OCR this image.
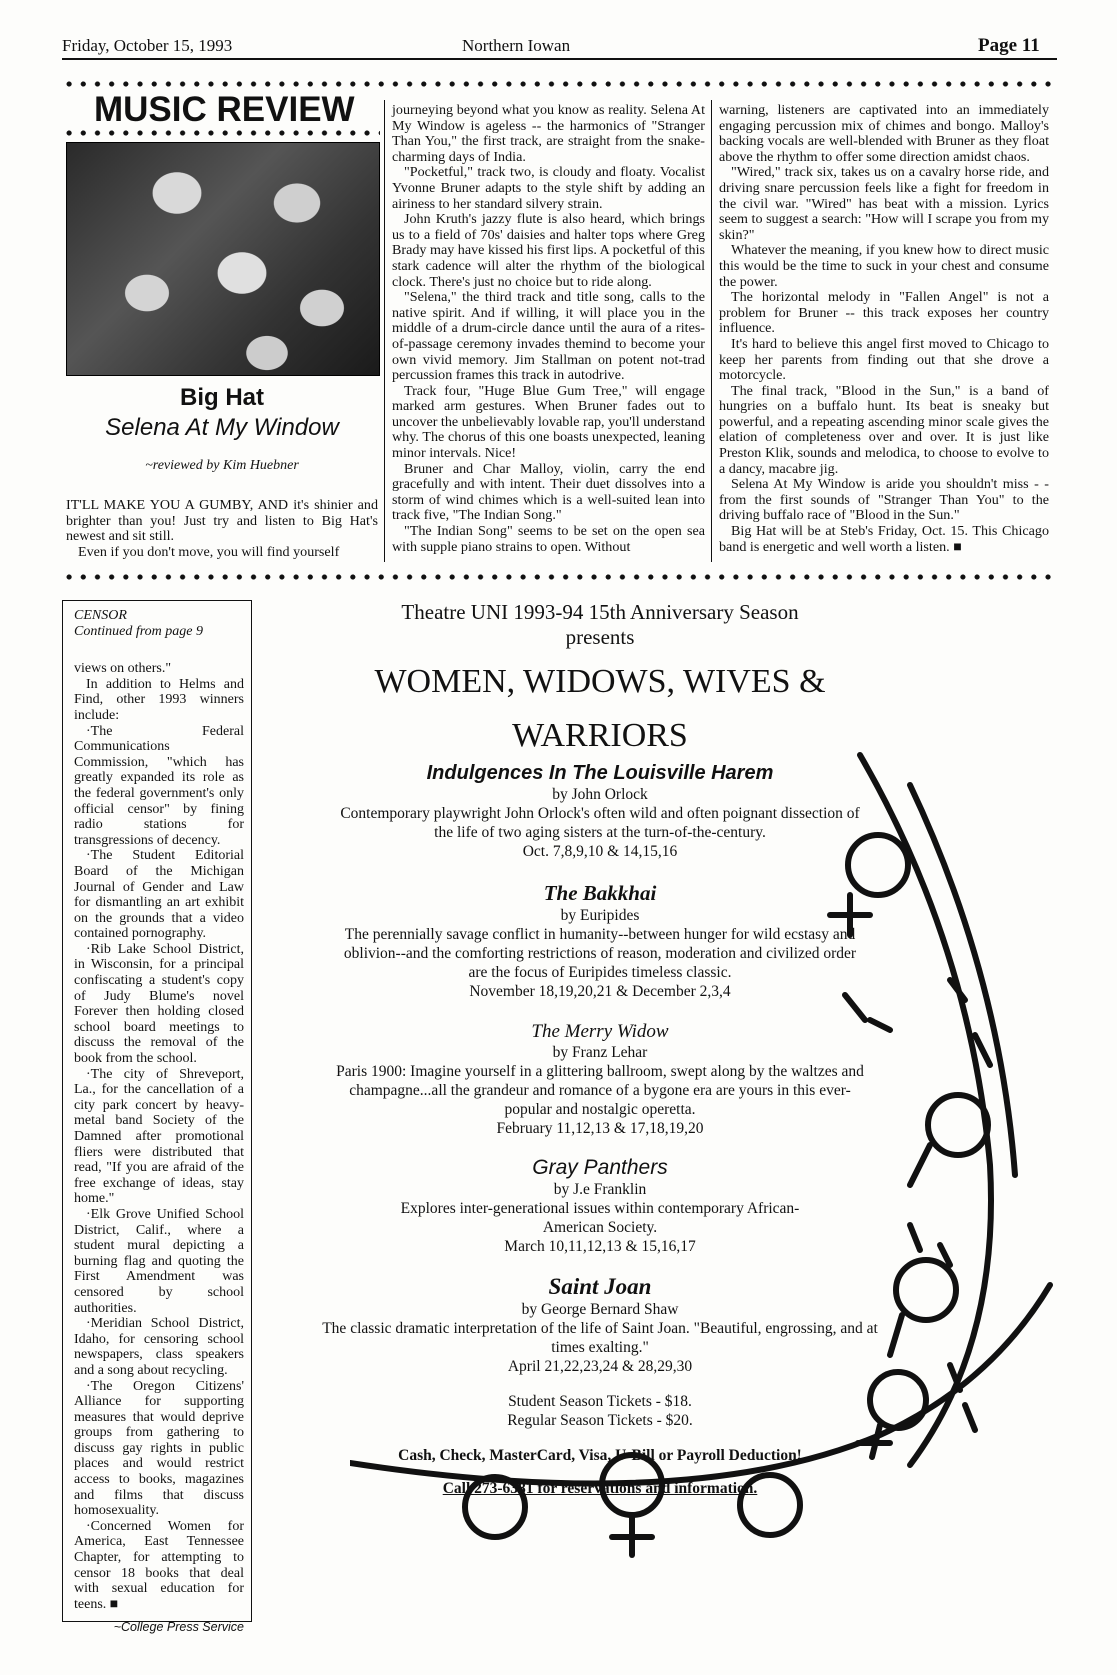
Friday, October 15, 1993	Northern Iowan	Page 11
MUSIC REVIEW
Big Hat
Selena At My Window
~reviewed by Kim Huebner

IT'LL MAKE YOU A GUMBY, AND it's shinier and brighter than you! Just try and listen to Big Hat's newest and sit still.

Even if you don't move, you will find yourself

journeying beyond what you know as reality. Selena At My Window is ageless -- the harmonics of "Stranger Than You," the first track, are straight from the snake- charming days of India.

"Pocketful," track two, is cloudy and floaty. Vocalist Yvonne Bruner adapts to the style shift by adding an airiness to her standard silvery strain.

John Kruth's jazzy flute is also heard, which brings us to a field of 70s' daisies and halter tops where Greg Brady may have kissed his first lips. A pocketful of this stark cadence will alter the rhythm of the biological clock. There's just no choice but to ride along.

"Selena," the third track and title song, calls to the native spirit. And if willing, it will place you in the middle of a drum-circle dance until the aura of a rites-of-passage ceremony invades themind to become your own vivid memory. Jim Stallman on potent not-trad percussion frames this track in autodrive.

Track four, "Huge Blue Gum Tree," will engage marked arm gestures. When Bruner fades out to uncover the unbelievably lovable rap, you'll understand why. The chorus of this one boasts unexpected, leaning minor intervals. Nice!

Bruner and Char Malloy, violin, carry the end gracefully and with intent. Their duet dissolves into a storm of wind chimes which is a well-suited lean into track five, "The Indian Song."

"The Indian Song" seems to be set on the open sea with supple piano strains to open. Without

warning, listeners are captivated into an immediately engaging percussion mix of chimes and bongo. Malloy's backing vocals are well-blended with Bruner as they float above the rhythm to offer some direction amidst chaos.

"Wired," track six, takes us on a cavalry horse ride, and driving snare percussion feels like a fight for freedom in the civil war. "Wired" has beat with a mission. Lyrics seem to suggest a search: "How will I scrape you from my skin?"

Whatever the meaning, if you knew how to direct music this would be the time to suck in your chest and consume the power.

The horizontal melody in "Fallen Angel" is not a problem for Bruner -- this track exposes her country influence.

It's hard to believe this angel first moved to Chicago to keep her parents from finding out that she drove a motorcycle.

The final track, "Blood in the Sun," is a band of hungries on a buffalo hunt. Its beat is sneaky but powerful, and a repeating ascending minor scale gives the elation of completeness over and over. It is just like Preston Klik, sounds and melodica, to choose to evolve to a dancy, macabre jig.

Selena At My Window is aride you shouldn't miss - - from the first sounds of "Stranger Than You" to the driving buffalo race of "Blood in the Sun."

Big Hat will be at Steb's Friday, Oct. 15. This Chicago band is energetic and well worth a listen. ■

CENSOR
Continued from page 9

views on others."

In addition to Helms and Find, other 1993 winners include:

·The Federal Communications Commission, "which has greatly expanded its role as the federal government's only official censor" by fining radio stations for transgressions of decency.

·The Student Editorial Board of the Michigan Journal of Gender and Law for dismantling an art exhibit on the grounds that a video contained pornography.

·Rib Lake School District, in Wisconsin, for a principal confiscating a student's copy of Judy Blume's novel Forever then holding closed school board meetings to discuss the removal of the book from the school.

·The city of Shreveport, La., for the cancellation of a city park concert by heavy-metal band Society of the Damned after promotional fliers were distributed that read, "If you are afraid of the free exchange of ideas, stay home."

·Elk Grove Unified School District, Calif., where a student mural depicting a burning flag and quoting the First Amendment was censored by school authorities.

·Meridian School District, Idaho, for censoring school newspapers, class speakers and a song about recycling.

·The Oregon Citizens' Alliance for supporting measures that would deprive groups from gathering to discuss gay rights in public places and would restrict access to books, magazines and films that discuss homosexuality.

·Concerned Women for America, East Tennessee Chapter, for attempting to censor 18 books that deal with sexual education for teens. ■

~College Press Service
Theatre UNI 1993-94 15th Anniversary Season
presents
WOMEN, WIDOWS, WIVES &
WARRIORS
Indulgences In The Louisville Harem
by John Orlock
Contemporary playwright John Orlock's often wild and often poignant dissection of the life of two aging sisters at the turn-of-the-century.
Oct. 7,8,9,10 & 14,15,16
The Bakkhai
by Euripides
The perennially savage conflict in humanity--between hunger for wild ecstasy and oblivion--and the comforting restrictions of reason, moderation and civilized order are the focus of Euripides timeless classic.
November 18,19,20,21 & December 2,3,4
The Merry Widow
by Franz Lehar
Paris 1900: Imagine yourself in a glittering ballroom, swept along by the waltzes and champagne...all the grandeur and romance of a bygone era are yours in this ever-popular and nostalgic operetta.
February 11,12,13 & 17,18,19,20
Gray Panthers
by J.e Franklin
Explores inter-generational issues within contemporary African-American Society.
March 10,11,12,13 & 15,16,17
Saint Joan
by George Bernard Shaw
The classic dramatic interpretation of the life of Saint Joan. "Beautiful, engrossing, and at times exalting."
April 21,22,23,24 & 28,29,30
Student Season Tickets - $18.
Regular Season Tickets - $20.
Cash, Check, MasterCard, Visa, U-Bill or Payroll Deduction!
Call 273-6381 for reservations and information.
